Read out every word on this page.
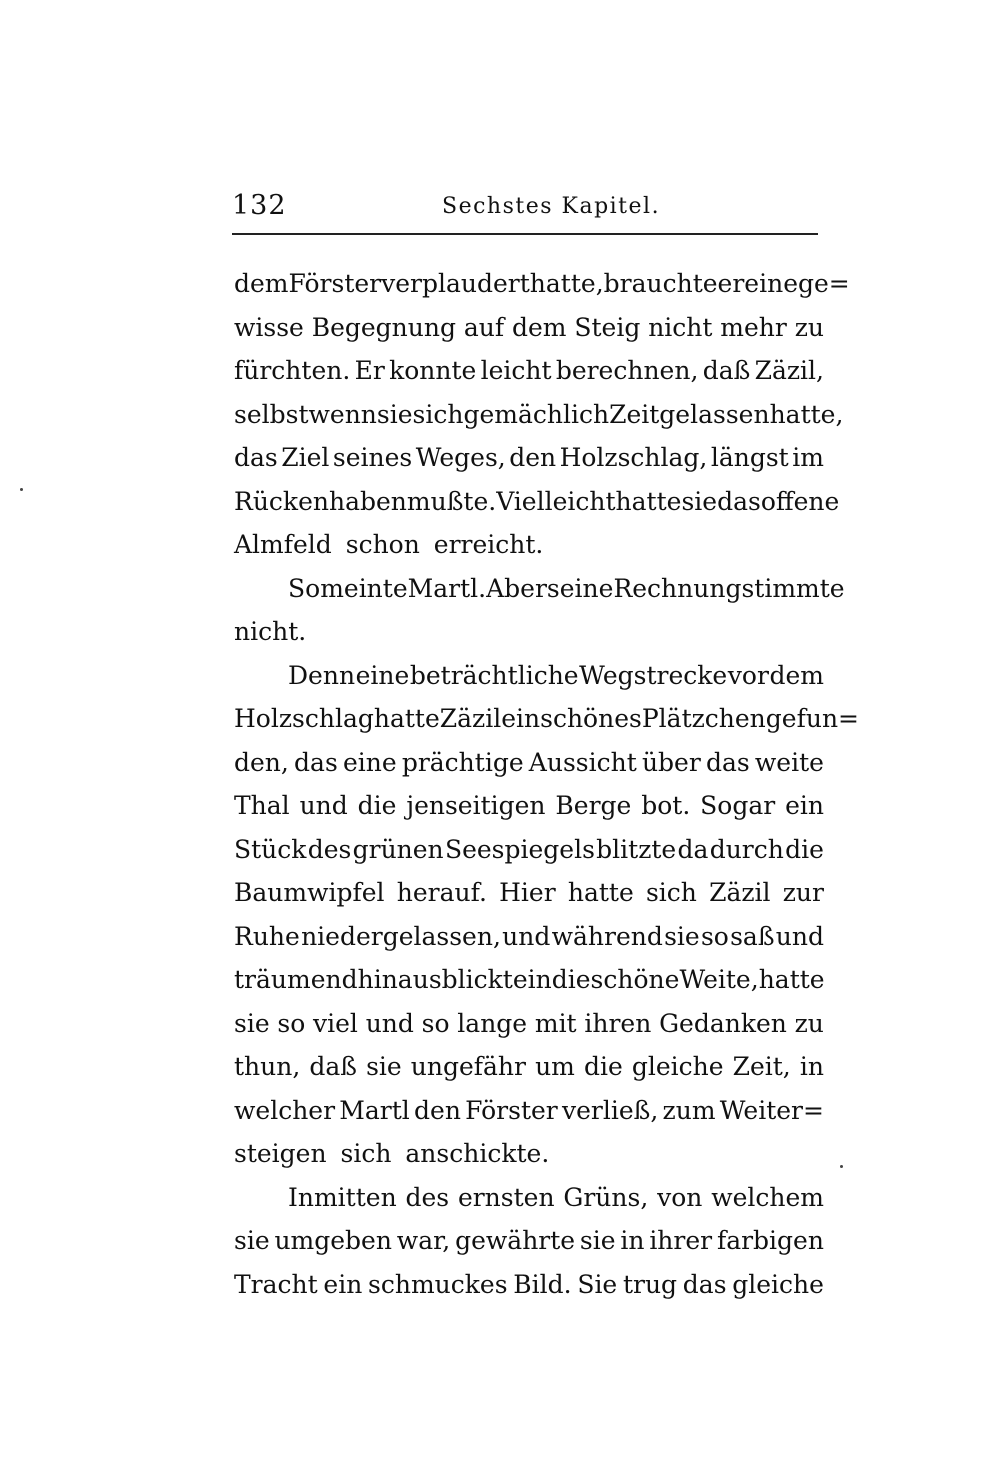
132	Sechstes Kapitel.
dem Förster verplaudert hatte, brauchte er eine ge=
wisse Begegnung auf dem Steig nicht mehr zu
fürchten. Er konnte leicht berechnen, daß Zäzil,
selbst wenn sie sich gemächlich Zeit gelassen hatte,
das Ziel seines Weges, den Holzschlag, längst im
Rücken haben mußte. Vielleicht hatte sie das offene
Almfeld schon erreicht.
So meinte Martl. Aber seine Rechnung stimmte
nicht.
Denn eine beträchtliche Wegstrecke vor dem
Holzschlag hatte Zäzil ein schönes Plätzchen gefun=
den, das eine prächtige Aussicht über das weite
Thal und die jenseitigen Berge bot. Sogar ein
Stück des grünen Seespiegels blitzte da durch die
Baumwipfel herauf. Hier hatte sich Zäzil zur
Ruhe niedergelassen, und während sie so saß und
träumend hinausblickte in die schöne Weite, hatte
sie so viel und so lange mit ihren Gedanken zu
thun, daß sie ungefähr um die gleiche Zeit, in
welcher Martl den Förster verließ, zum Weiter=
steigen sich anschickte.
Inmitten des ernsten Grüns, von welchem
sie umgeben war, gewährte sie in ihrer farbigen
Tracht ein schmuckes Bild. Sie trug das gleiche
